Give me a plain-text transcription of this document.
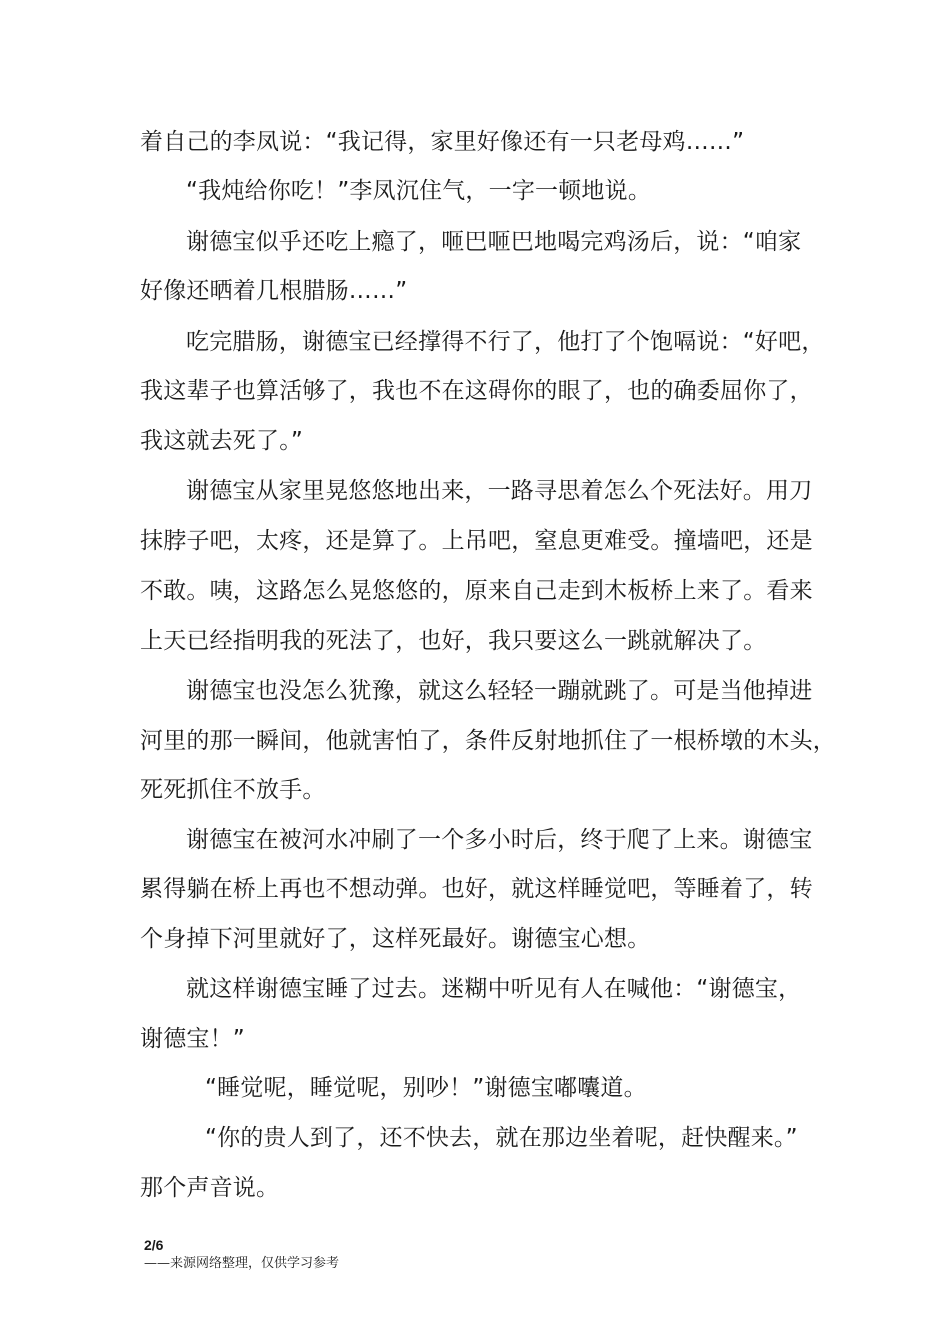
着自己的李凤说：“我记得，家里好像还有一只老母鸡……”
“我炖给你吃！”李凤沉住气，一字一顿地说。
谢德宝似乎还吃上瘾了，咂巴咂巴地喝完鸡汤后，说：“咱家
好像还晒着几根腊肠……”
吃完腊肠，谢德宝已经撑得不行了，他打了个饱嗝说：“好吧，
我这辈子也算活够了，我也不在这碍你的眼了，也的确委屈你了，
我这就去死了。”
谢德宝从家里晃悠悠地出来，一路寻思着怎么个死法好。用刀
抹脖子吧，太疼，还是算了。上吊吧，窒息更难受。撞墙吧，还是
不敢。咦，这路怎么晃悠悠的，原来自己走到木板桥上来了。看来
上天已经指明我的死法了，也好，我只要这么一跳就解决了。
谢德宝也没怎么犹豫，就这么轻轻一蹦就跳了。可是当他掉进
河里的那一瞬间，他就害怕了，条件反射地抓住了一根桥墩的木头，
死死抓住不放手。
谢德宝在被河水冲刷了一个多小时后，终于爬了上来。谢德宝
累得躺在桥上再也不想动弹。也好，就这样睡觉吧，等睡着了，转
个身掉下河里就好了，这样死最好。谢德宝心想。
就这样谢德宝睡了过去。迷糊中听见有人在喊他：“谢德宝，
谢德宝！”
“睡觉呢，睡觉呢，别吵！”谢德宝嘟囔道。
“你的贵人到了，还不快去，就在那边坐着呢，赶快醒来。”
那个声音说。
2/6
——来源网络整理，仅供学习参考
